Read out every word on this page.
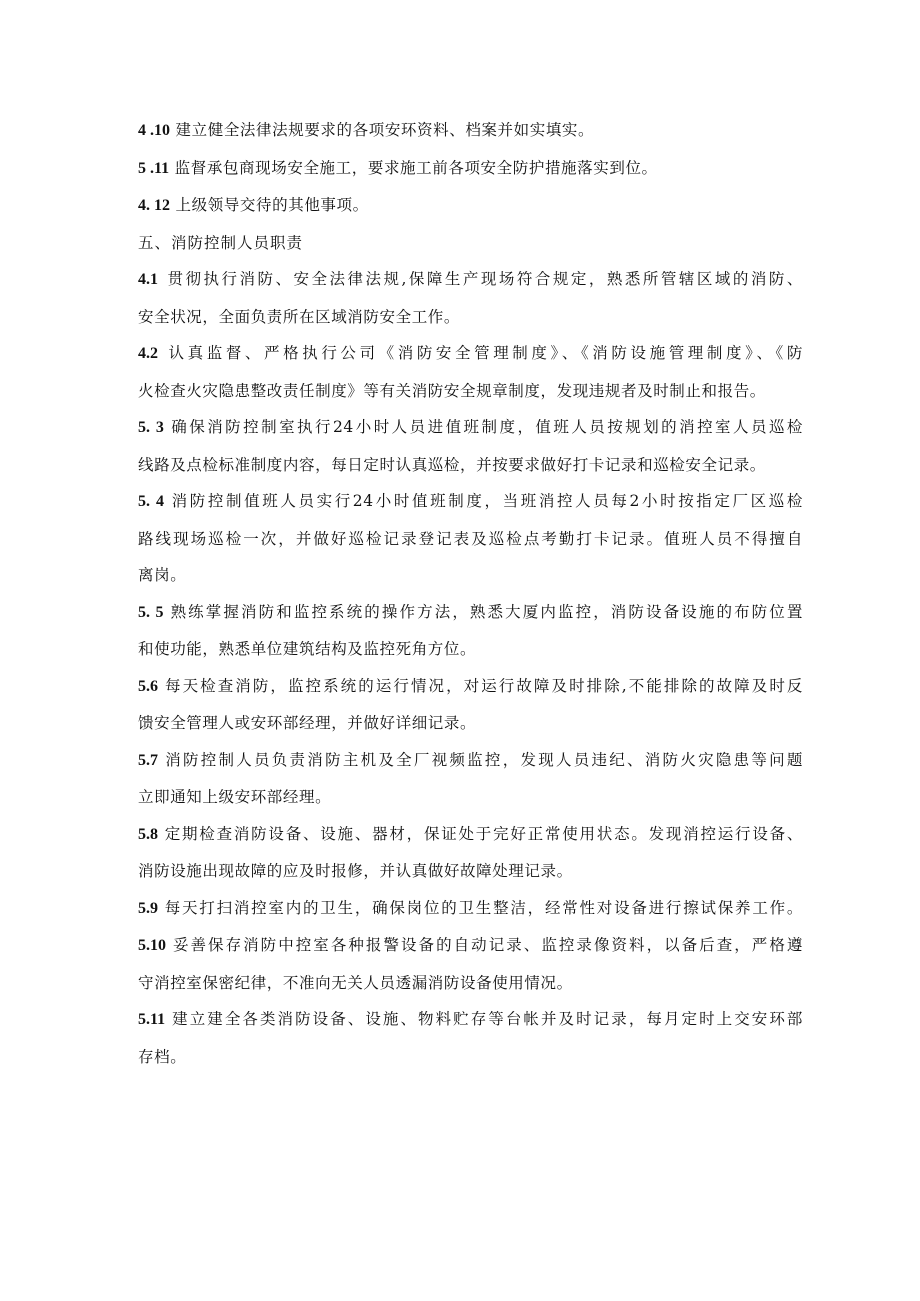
4 .10 建立健全法律法规要求的各项安环资料、档案并如实填实。
5 .11 监督承包商现场安全施工，要求施工前各项安全防护措施落实到位。
4. 12 上级领导交待的其他事项。
五、消防控制人员职责
4.1 贯彻执行消防、安全法律法规,保障生产现场符合规定，熟悉所管辖区域的消防、
安全状况，全面负责所在区域消防安全工作。
4.2 认真监督、严格执行公司《消防安全管理制度》、《消防设施管理制度》、《防
火检查火灾隐患整改责任制度》等有关消防安全规章制度，发现违规者及时制止和报告。
5. 3 确保消防控制室执行24小时人员进值班制度，值班人员按规划的消控室人员巡检
线路及点检标准制度内容，每日定时认真巡检，并按要求做好打卡记录和巡检安全记录。
5. 4 消防控制值班人员实行24小时值班制度，当班消控人员每2小时按指定厂区巡检
路线现场巡检一次，并做好巡检记录登记表及巡检点考勤打卡记录。值班人员不得擅自
离岗。
5. 5 熟练掌握消防和监控系统的操作方法，熟悉大厦内监控，消防设备设施的布防位置
和使功能，熟悉单位建筑结构及监控死角方位。
5.6 每天检查消防，监控系统的运行情况，对运行故障及时排除,不能排除的故障及时反
馈安全管理人或安环部经理，并做好详细记录。
5.7 消防控制人员负责消防主机及全厂视频监控，发现人员违纪、消防火灾隐患等问题
立即通知上级安环部经理。
5.8 定期检查消防设备、设施、器材，保证处于完好正常使用状态。发现消控运行设备、
消防设施出现故障的应及时报修，并认真做好故障处理记录。
5.9 每天打扫消控室内的卫生，确保岗位的卫生整洁，经常性对设备进行擦试保养工作。
5.10 妥善保存消防中控室各种报警设备的自动记录、监控录像资料，以备后查，严格遵
守消控室保密纪律，不准向无关人员透漏消防设备使用情况。
5.11 建立建全各类消防设备、设施、物料贮存等台帐并及时记录，每月定时上交安环部
存档。
